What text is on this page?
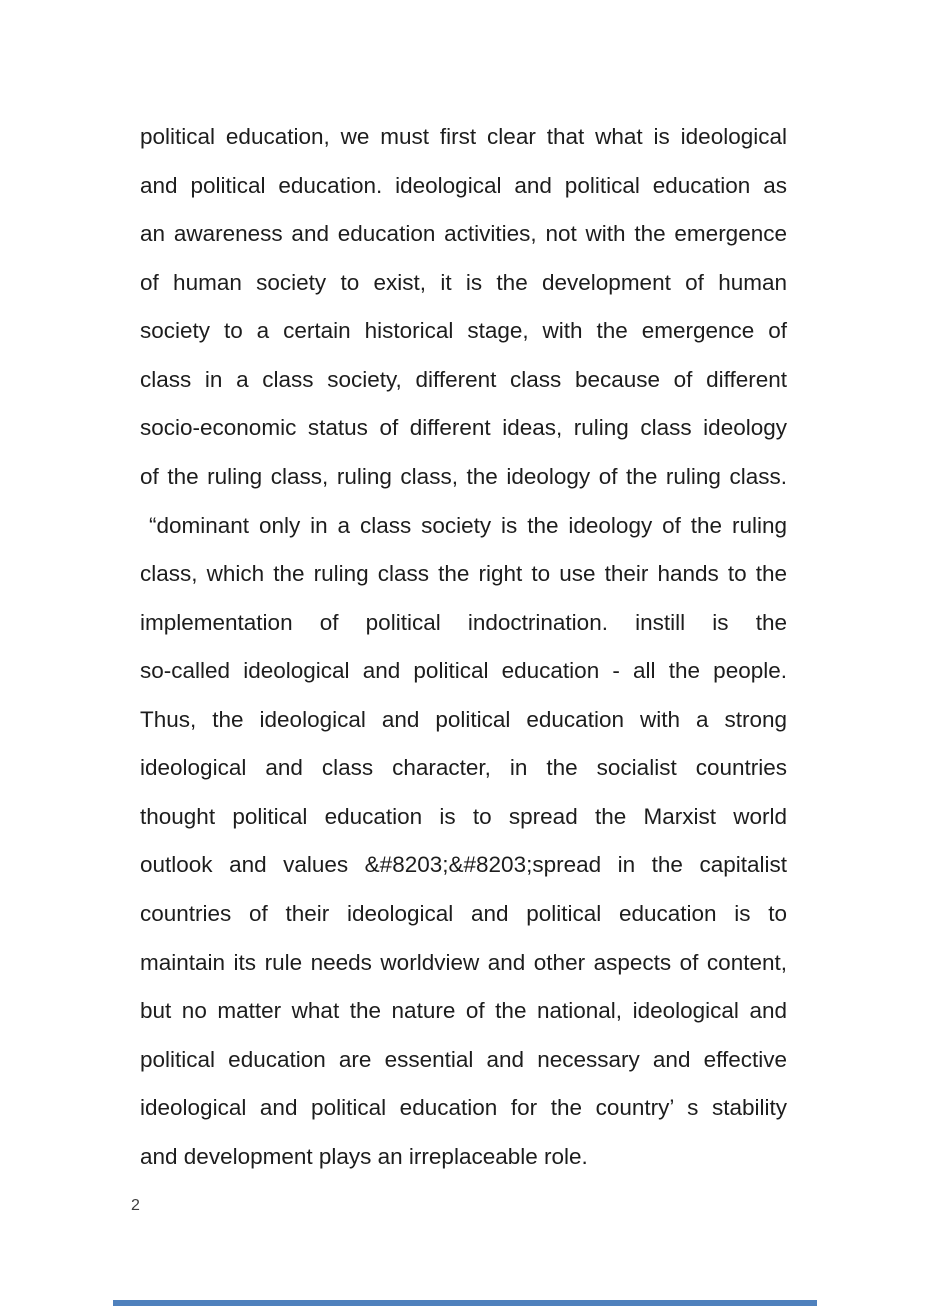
political education, we must first clear that what is ideological
and political education. ideological and political education as
an awareness and education activities, not with the emergence
of human society to exist, it is the development of human
society to a certain historical stage, with the emergence of
class in a class society, different class because of different
socio-economic status of different ideas, ruling class ideology
of the ruling class, ruling class, the ideology of the ruling class.
“dominant only in a class society is the ideology of the ruling
class, which the ruling class the right to use their hands to the
implementation of political indoctrination. instill is the
so-called ideological and political education - all the people.
Thus, the ideological and political education with a strong
ideological and class character, in the socialist countries
thought political education is to spread the Marxist world
outlook and values &#8203;&#8203;spread in the capitalist
countries of their ideological and political education is to
maintain its rule needs worldview and other aspects of content,
but no matter what the nature of the national, ideological and
political education are essential and necessary and effective
ideological and political education for the country’ s stability
and development plays an irreplaceable role.
2
